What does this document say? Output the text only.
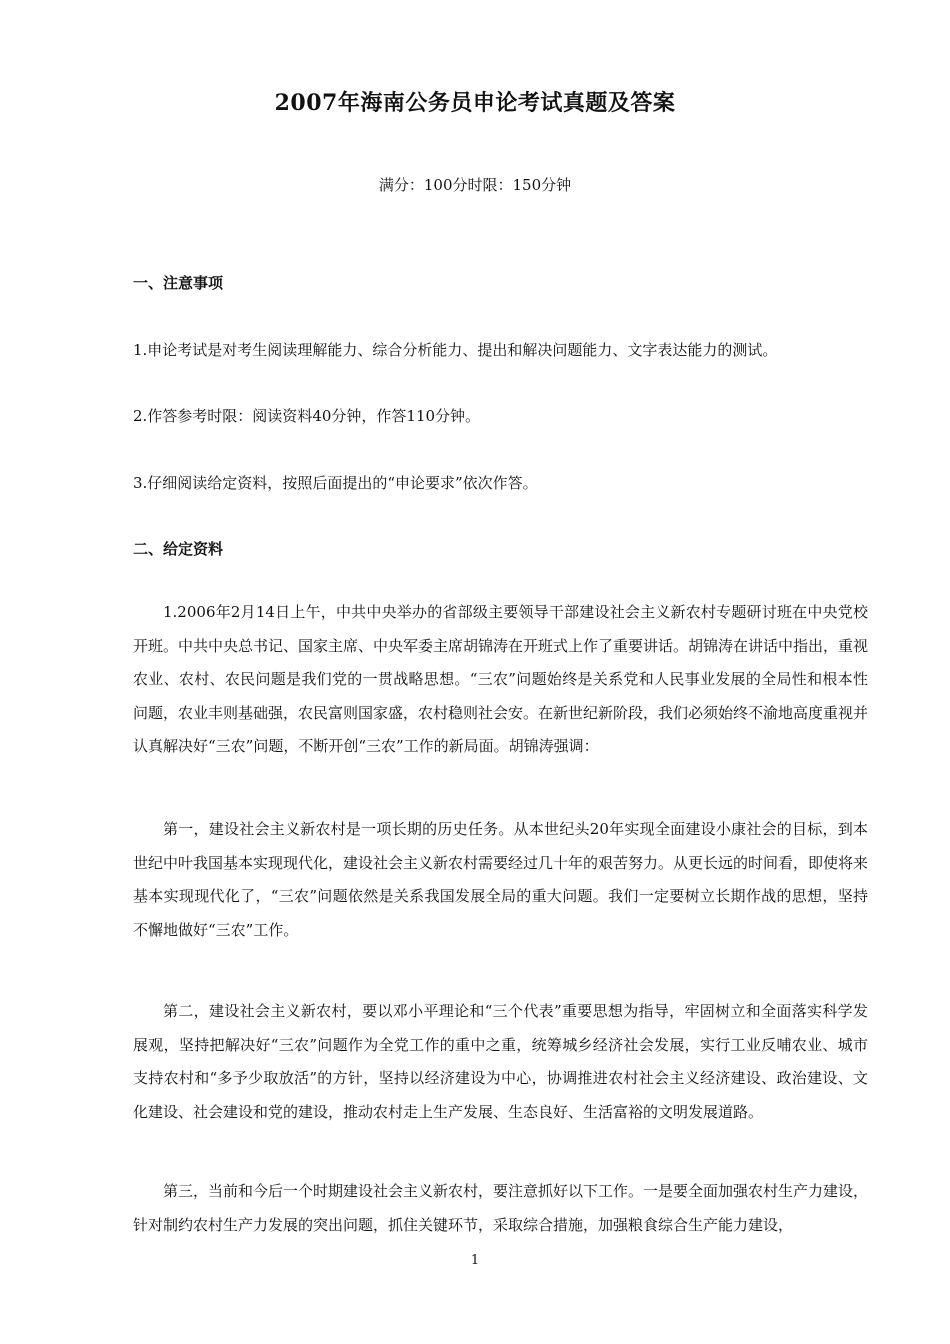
2007年海南公务员申论考试真题及答案
满分：100分时限：150分钟
一、注意事项
1.申论考试是对考生阅读理解能力、综合分析能力、提出和解决问题能力、文字表达能力的测试。
2.作答参考时限：阅读资料40分钟，作答110分钟。
3.仔细阅读给定资料，按照后面提出的“申论要求”依次作答。
二、给定资料
1.2006年2月14日上午，中共中央举办的省部级主要领导干部建设社会主义新农村专题研讨班在中央党校开班。中共中央总书记、国家主席、中央军委主席胡锦涛在开班式上作了重要讲话。胡锦涛在讲话中指出，重视农业、农村、农民问题是我们党的一贯战略思想。“三农”问题始终是关系党和人民事业发展的全局性和根本性问题，农业丰则基础强，农民富则国家盛，农村稳则社会安。在新世纪新阶段，我们必须始终不渝地高度重视并认真解决好“三农”问题，不断开创“三农”工作的新局面。胡锦涛强调：
第一，建设社会主义新农村是一项长期的历史任务。从本世纪头20年实现全面建设小康社会的目标，到本世纪中叶我国基本实现现代化，建设社会主义新农村需要经过几十年的艰苦努力。从更长远的时间看，即使将来基本实现现代化了，“三农”问题依然是关系我国发展全局的重大问题。我们一定要树立长期作战的思想，坚持不懈地做好“三农”工作。
第二，建设社会主义新农村，要以邓小平理论和“三个代表”重要思想为指导，牢固树立和全面落实科学发展观，坚持把解决好“三农”问题作为全党工作的重中之重，统筹城乡经济社会发展，实行工业反哺农业、城市支持农村和“多予少取放活”的方针，坚持以经济建设为中心，协调推进农村社会主义经济建设、政治建设、文化建设、社会建设和党的建设，推动农村走上生产发展、生态良好、生活富裕的文明发展道路。
第三，当前和今后一个时期建设社会主义新农村，要注意抓好以下工作。一是要全面加强农村生产力建设，针对制约农村生产力发展的突出问题，抓住关键环节，采取综合措施，加强粮食综合生产能力建设，
1
